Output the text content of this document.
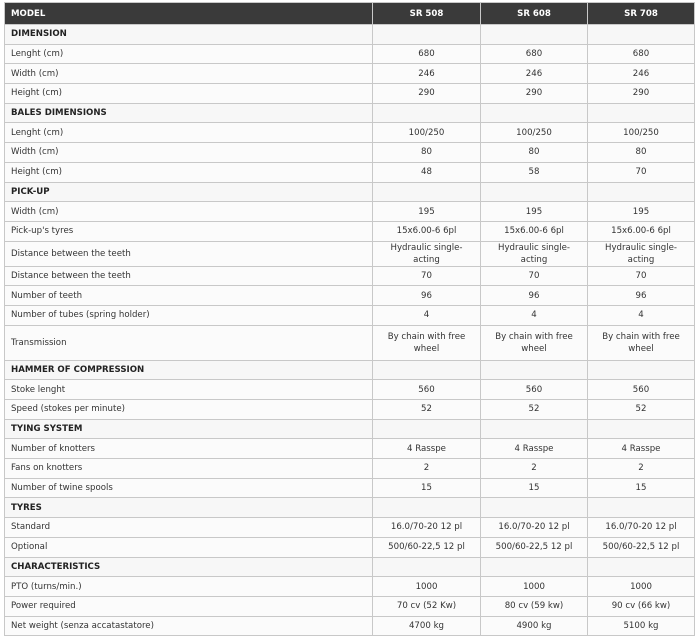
MODEL	SR 508	SR 608	SR 708
DIMENSION			
Lenght (cm)	680	680	680
Width (cm)	246	246	246
Height (cm)	290	290	290
BALES DIMENSIONS			
Lenght (cm)	100/250	100/250	100/250
Width (cm)	80	80	80
Height (cm)	48	58	70
PICK-UP			
Width (cm)	195	195	195
Pick-up's tyres	15x6.00-6 6pl	15x6.00-6 6pl	15x6.00-6 6pl
Distance between the teeth	Hydraulic single-acting	Hydraulic single-acting	Hydraulic single-acting
Distance between the teeth	70	70	70
Number of teeth	96	96	96
Number of tubes (spring holder)	4	4	4
Transmission	By chain with free wheel	By chain with free wheel	By chain with free wheel
HAMMER OF COMPRESSION			
Stoke lenght	560	560	560
Speed (stokes per minute)	52	52	52
TYING SYSTEM			
Number of knotters	4 Rasspe	4 Rasspe	4 Rasspe
Fans on knotters	2	2	2
Number of twine spools	15	15	15
TYRES			
Standard	16.0/70-20 12 pl	16.0/70-20 12 pl	16.0/70-20 12 pl
Optional	500/60-22,5 12 pl	500/60-22,5 12 pl	500/60-22,5 12 pl
CHARACTERISTICS			
PTO (turns/min.)	1000	1000	1000
Power required	70 cv (52 Kw)	80 cv (59 kw)	90 cv (66 kw)
Net weight (senza accatastatore)	4700 kg	4900 kg	5100 kg
